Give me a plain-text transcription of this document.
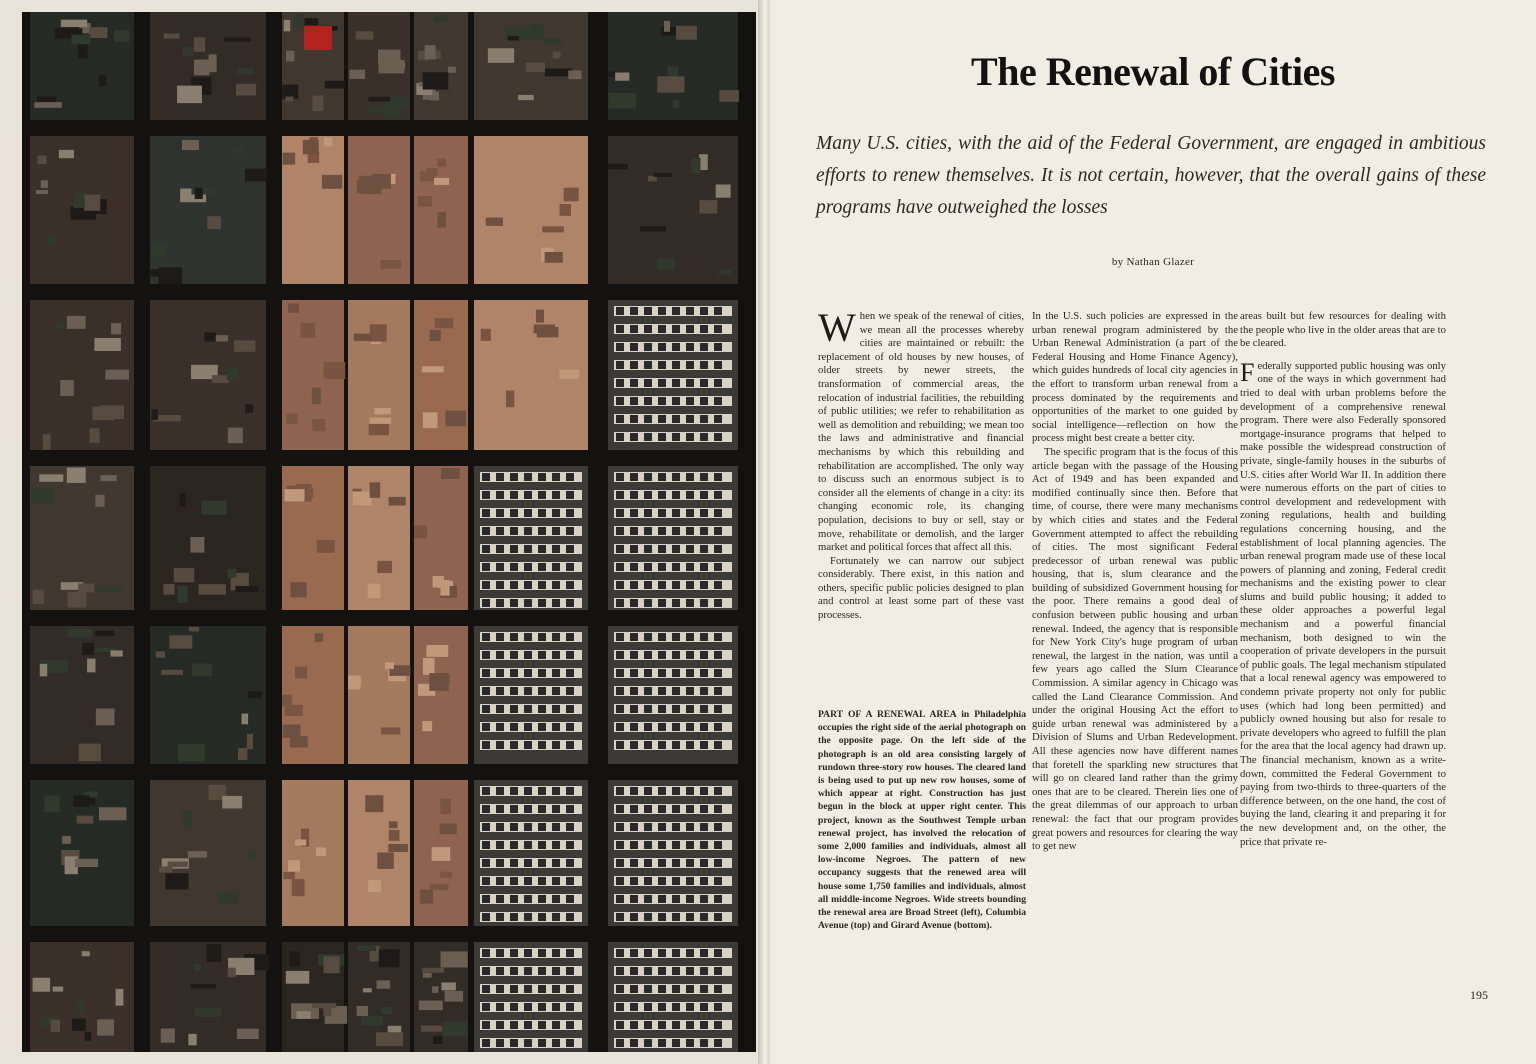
The Renewal of Cities

Many U.S. cities, with the aid of the Federal Government, are engaged in ambitious efforts to renew themselves. It is not certain, however, that the overall gains of these programs have outweighed the losses

by Nathan Glazer

When we speak of the renewal of cities, we mean all the processes whereby cities are maintained or rebuilt: the replacement of old houses by new houses, of older streets by newer streets, the transformation of commercial areas, the relocation of industrial facilities, the rebuilding of public utilities; we refer to rehabilitation as well as demolition and rebuilding; we mean too the laws and administrative and financial mechanisms by which this rebuilding and rehabilitation are accomplished. The only way to discuss such an enormous subject is to consider all the elements of change in a city: its changing economic role, its changing population, decisions to buy or sell, stay or move, rehabilitate or demolish, and the larger market and political forces that affect all this.

Fortunately we can narrow our subject considerably. There exist, in this nation and others, specific public policies designed to plan and control at least some part of these vast processes.

PART OF A RENEWAL AREA in Philadelphia occupies the right side of the aerial photograph on the opposite page. On the left side of the photograph is an old area consisting largely of rundown three-story row houses. The cleared land is being used to put up new row houses, some of which appear at right. Construction has just begun in the block at upper right center. This project, known as the Southwest Temple urban renewal project, has involved the relocation of some 2,000 families and individuals, almost all low-income Negroes. The pattern of new occupancy suggests that the renewed area will house some 1,750 families and individuals, almost all middle-income Negroes. Wide streets bounding the renewal area are Broad Street (left), Columbia Avenue (top) and Girard Avenue (bottom).

In the U.S. such policies are expressed in the urban renewal program administered by the Urban Renewal Administration (a part of the Federal Housing and Home Finance Agency), which guides hundreds of local city agencies in the effort to transform urban renewal from a process dominated by the requirements and opportunities of the market to one guided by social intelligence—reflection on how the process might best create a better city.

The specific program that is the focus of this article began with the passage of the Housing Act of 1949 and has been expanded and modified continually since then. Before that time, of course, there were many mechanisms by which cities and states and the Federal Government attempted to affect the rebuilding of cities. The most significant Federal predecessor of urban renewal was public housing, that is, slum clearance and the building of subsidized Government housing for the poor. There remains a good deal of confusion between public housing and urban renewal. Indeed, the agency that is responsible for New York City's huge program of urban renewal, the largest in the nation, was until a few years ago called the Slum Clearance Commission. A similar agency in Chicago was called the Land Clearance Commission. And under the original Housing Act the effort to guide urban renewal was administered by a Division of Slums and Urban Redevelopment. All these agencies now have different names that foretell the sparkling new structures that will go on cleared land rather than the grimy ones that are to be cleared. Therein lies one of the great dilemmas of our approach to urban renewal: the fact that our program provides great powers and resources for clearing the way to get new

areas built but few resources for dealing with the people who live in the older areas that are to be cleared.

Federally supported public housing was only one of the ways in which government had tried to deal with urban problems before the development of a comprehensive renewal program. There were also Federally sponsored mortgage-insurance programs that helped to make possible the widespread construction of private, single-family houses in the suburbs of U.S. cities after World War II. In addition there were numerous efforts on the part of cities to control development and redevelopment with zoning regulations, health and building regulations concerning housing, and the establishment of local planning agencies. The urban renewal program made use of these local powers of planning and zoning, Federal credit mechanisms and the existing power to clear slums and build public housing; it added to these older approaches a powerful legal mechanism and a powerful financial mechanism, both designed to win the cooperation of private developers in the pursuit of public goals. The legal mechanism stipulated that a local renewal agency was empowered to condemn private property not only for public uses (which had long been permitted) and publicly owned housing but also for resale to private developers who agreed to fulfill the plan for the area that the local agency had drawn up. The financial mechanism, known as a write-down, committed the Federal Government to paying from two-thirds to three-quarters of the difference between, on the one hand, the cost of buying the land, clearing it and preparing it for the new development and, on the other, the price that private re-

195
